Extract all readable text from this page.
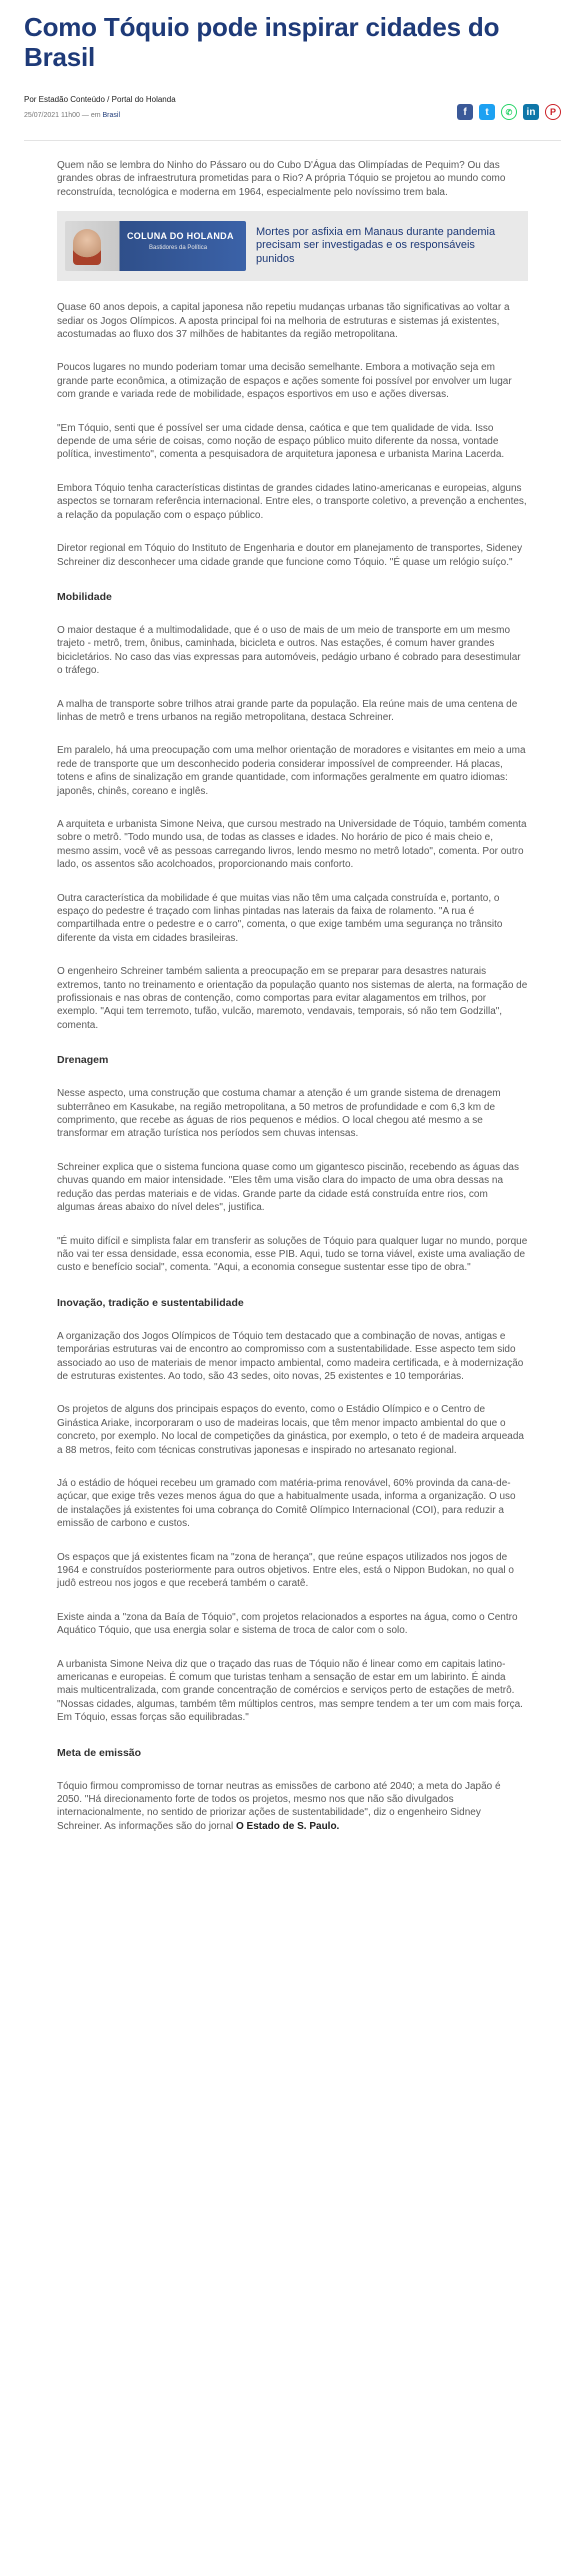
Como Tóquio pode inspirar cidades do Brasil
Por Estadão Conteúdo / Portal do Holanda
25/07/2021 11h00 — em Brasil	f	t	✆	in	P

Quem não se lembra do Ninho do Pássaro ou do Cubo D'Água das Olimpíadas de Pequim? Ou das grandes obras de infraestrutura prometidas para o Rio? A própria Tóquio se projetou ao mundo como reconstruída, tecnológica e moderna em 1964, especialmente pelo novíssimo trem bala.

COLUNA DO HOLANDA
Bastidores da Política
Mortes por asfixia em Manaus durante pandemia precisam ser investigadas e os responsáveis punidos

Quase 60 anos depois, a capital japonesa não repetiu mudanças urbanas tão significativas ao voltar a sediar os Jogos Olímpicos. A aposta principal foi na melhoria de estruturas e sistemas já existentes, acostumadas ao fluxo dos 37 milhões de habitantes da região metropolitana.

Poucos lugares no mundo poderiam tomar uma decisão semelhante. Embora a motivação seja em grande parte econômica, a otimização de espaços e ações somente foi possível por envolver um lugar com grande e variada rede de mobilidade, espaços esportivos em uso e ações diversas.

"Em Tóquio, senti que é possível ser uma cidade densa, caótica e que tem qualidade de vida. Isso depende de uma série de coisas, como noção de espaço público muito diferente da nossa, vontade política, investimento", comenta a pesquisadora de arquitetura japonesa e urbanista Marina Lacerda.

Embora Tóquio tenha características distintas de grandes cidades latino-americanas e europeias, alguns aspectos se tornaram referência internacional. Entre eles, o transporte coletivo, a prevenção a enchentes, a relação da população com o espaço público.

Diretor regional em Tóquio do Instituto de Engenharia e doutor em planejamento de transportes, Sideney Schreiner diz desconhecer uma cidade grande que funcione como Tóquio. "É quase um relógio suíço."

Mobilidade

O maior destaque é a multimodalidade, que é o uso de mais de um meio de transporte em um mesmo trajeto - metrô, trem, ônibus, caminhada, bicicleta e outros. Nas estações, é comum haver grandes bicicletários. No caso das vias expressas para automóveis, pedágio urbano é cobrado para desestimular o tráfego.

A malha de transporte sobre trilhos atrai grande parte da população. Ela reúne mais de uma centena de linhas de metrô e trens urbanos na região metropolitana, destaca Schreiner.

Em paralelo, há uma preocupação com uma melhor orientação de moradores e visitantes em meio a uma rede de transporte que um desconhecido poderia considerar impossível de compreender. Há placas, totens e afins de sinalização em grande quantidade, com informações geralmente em quatro idiomas: japonês, chinês, coreano e inglês.

A arquiteta e urbanista Simone Neiva, que cursou mestrado na Universidade de Tóquio, também comenta sobre o metrô. "Todo mundo usa, de todas as classes e idades. No horário de pico é mais cheio e, mesmo assim, você vê as pessoas carregando livros, lendo mesmo no metrô lotado", comenta. Por outro lado, os assentos são acolchoados, proporcionando mais conforto.

Outra característica da mobilidade é que muitas vias não têm uma calçada construída e, portanto, o espaço do pedestre é traçado com linhas pintadas nas laterais da faixa de rolamento. "A rua é compartilhada entre o pedestre e o carro", comenta, o que exige também uma segurança no trânsito diferente da vista em cidades brasileiras.

O engenheiro Schreiner também salienta a preocupação em se preparar para desastres naturais extremos, tanto no treinamento e orientação da população quanto nos sistemas de alerta, na formação de profissionais e nas obras de contenção, como comportas para evitar alagamentos em trilhos, por exemplo. "Aqui tem terremoto, tufão, vulcão, maremoto, vendavais, temporais, só não tem Godzilla", comenta.

Drenagem

Nesse aspecto, uma construção que costuma chamar a atenção é um grande sistema de drenagem subterrâneo em Kasukabe, na região metropolitana, a 50 metros de profundidade e com 6,3 km de comprimento, que recebe as águas de rios pequenos e médios. O local chegou até mesmo a se transformar em atração turística nos períodos sem chuvas intensas.

Schreiner explica que o sistema funciona quase como um gigantesco piscinão, recebendo as águas das chuvas quando em maior intensidade. "Eles têm uma visão clara do impacto de uma obra dessas na redução das perdas materiais e de vidas. Grande parte da cidade está construída entre rios, com algumas áreas abaixo do nível deles", justifica.

"É muito difícil e simplista falar em transferir as soluções de Tóquio para qualquer lugar no mundo, porque não vai ter essa densidade, essa economia, esse PIB. Aqui, tudo se torna viável, existe uma avaliação de custo e benefício social", comenta. "Aqui, a economia consegue sustentar esse tipo de obra."

Inovação, tradição e sustentabilidade

A organização dos Jogos Olímpicos de Tóquio tem destacado que a combinação de novas, antigas e temporárias estruturas vai de encontro ao compromisso com a sustentabilidade. Esse aspecto tem sido associado ao uso de materiais de menor impacto ambiental, como madeira certificada, e à modernização de estruturas existentes. Ao todo, são 43 sedes, oito novas, 25 existentes e 10 temporárias.

Os projetos de alguns dos principais espaços do evento, como o Estádio Olímpico e o Centro de Ginástica Ariake, incorporaram o uso de madeiras locais, que têm menor impacto ambiental do que o concreto, por exemplo. No local de competições da ginástica, por exemplo, o teto é de madeira arqueada a 88 metros, feito com técnicas construtivas japonesas e inspirado no artesanato regional.

Já o estádio de hóquei recebeu um gramado com matéria-prima renovável, 60% provinda da cana-de-açúcar, que exige três vezes menos água do que a habitualmente usada, informa a organização. O uso de instalações já existentes foi uma cobrança do Comitê Olímpico Internacional (COI), para reduzir a emissão de carbono e custos.

Os espaços que já existentes ficam na "zona de herança", que reúne espaços utilizados nos jogos de 1964 e construídos posteriormente para outros objetivos. Entre eles, está o Nippon Budokan, no qual o judô estreou nos jogos e que receberá também o caratê.

Existe ainda a "zona da Baía de Tóquio", com projetos relacionados a esportes na água, como o Centro Aquático Tóquio, que usa energia solar e sistema de troca de calor com o solo.

A urbanista Simone Neiva diz que o traçado das ruas de Tóquio não é linear como em capitais latino-americanas e europeias. É comum que turistas tenham a sensação de estar em um labirinto. É ainda mais multicentralizada, com grande concentração de comércios e serviços perto de estações de metrô. "Nossas cidades, algumas, também têm múltiplos centros, mas sempre tendem a ter um com mais força. Em Tóquio, essas forças são equilibradas."

Meta de emissão

Tóquio firmou compromisso de tornar neutras as emissões de carbono até 2040; a meta do Japão é 2050. "Há direcionamento forte de todos os projetos, mesmo nos que não são divulgados internacionalmente, no sentido de priorizar ações de sustentabilidade", diz o engenheiro Sidney Schreiner. As informações são do jornal O Estado de S. Paulo.
